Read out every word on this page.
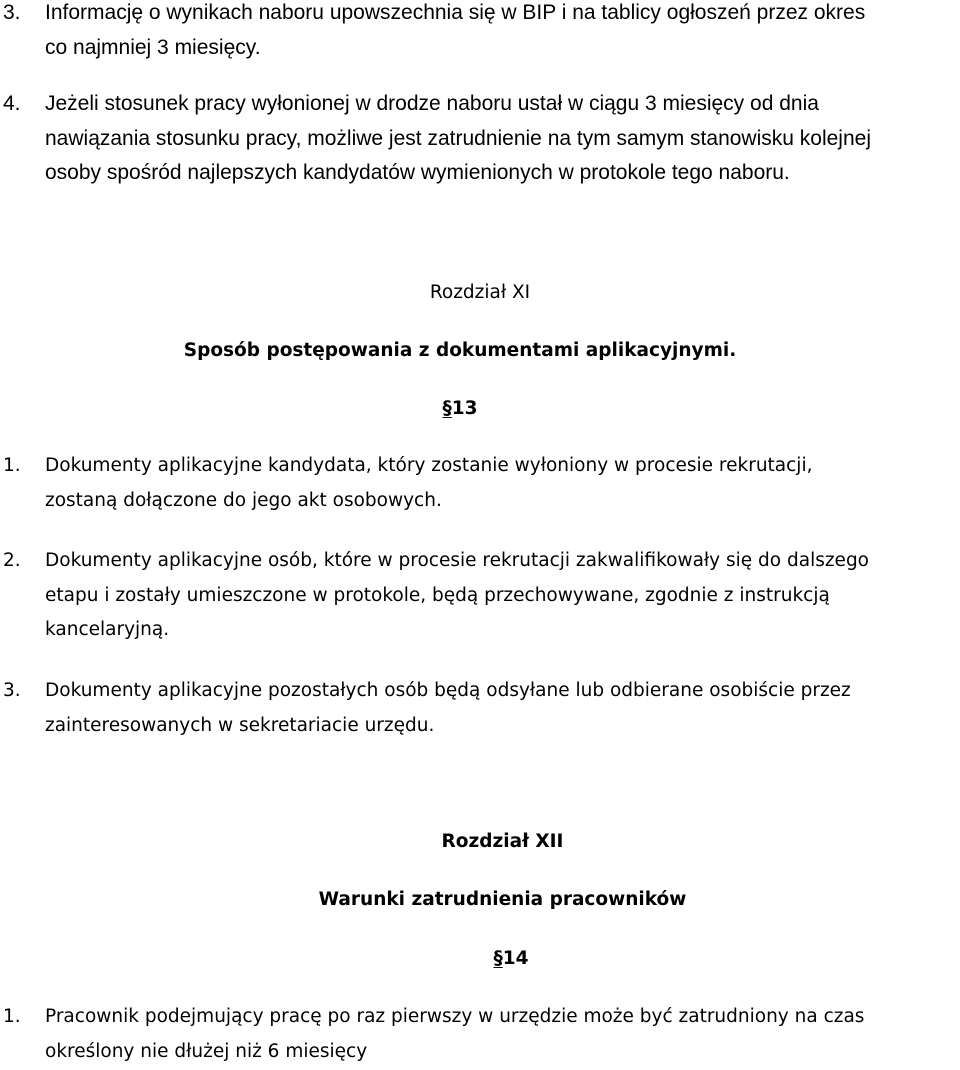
3. Informację o wynikach naboru upowszechnia się w BIP i na tablicy ogłoszeń przez okres
co najmniej 3 miesięcy.
4. Jeżeli stosunek pracy wyłonionej w drodze naboru ustał w ciągu 3 miesięcy od dnia
nawiązania stosunku pracy, możliwe jest zatrudnienie na tym samym stanowisku kolejnej
osoby spośród najlepszych kandydatów wymienionych w protokole tego naboru.
Rozdział XI
Sposób postępowania z dokumentami aplikacyjnymi.
§13
1. Dokumenty aplikacyjne kandydata, który zostanie wyłoniony w procesie rekrutacji,
zostaną dołączone do jego akt osobowych.
2. Dokumenty aplikacyjne osób, które w procesie rekrutacji zakwalifikowały się do dalszego
etapu i zostały umieszczone w protokole, będą przechowywane, zgodnie z instrukcją
kancelaryjną.
3. Dokumenty aplikacyjne pozostałych osób będą odsyłane lub odbierane osobiście przez
zainteresowanych w sekretariacie urzędu.
Rozdział XII
Warunki zatrudnienia pracowników
§14
1. Pracownik podejmujący pracę po raz pierwszy w urzędzie może być zatrudniony na czas
określony nie dłużej niż 6 miesięcy
